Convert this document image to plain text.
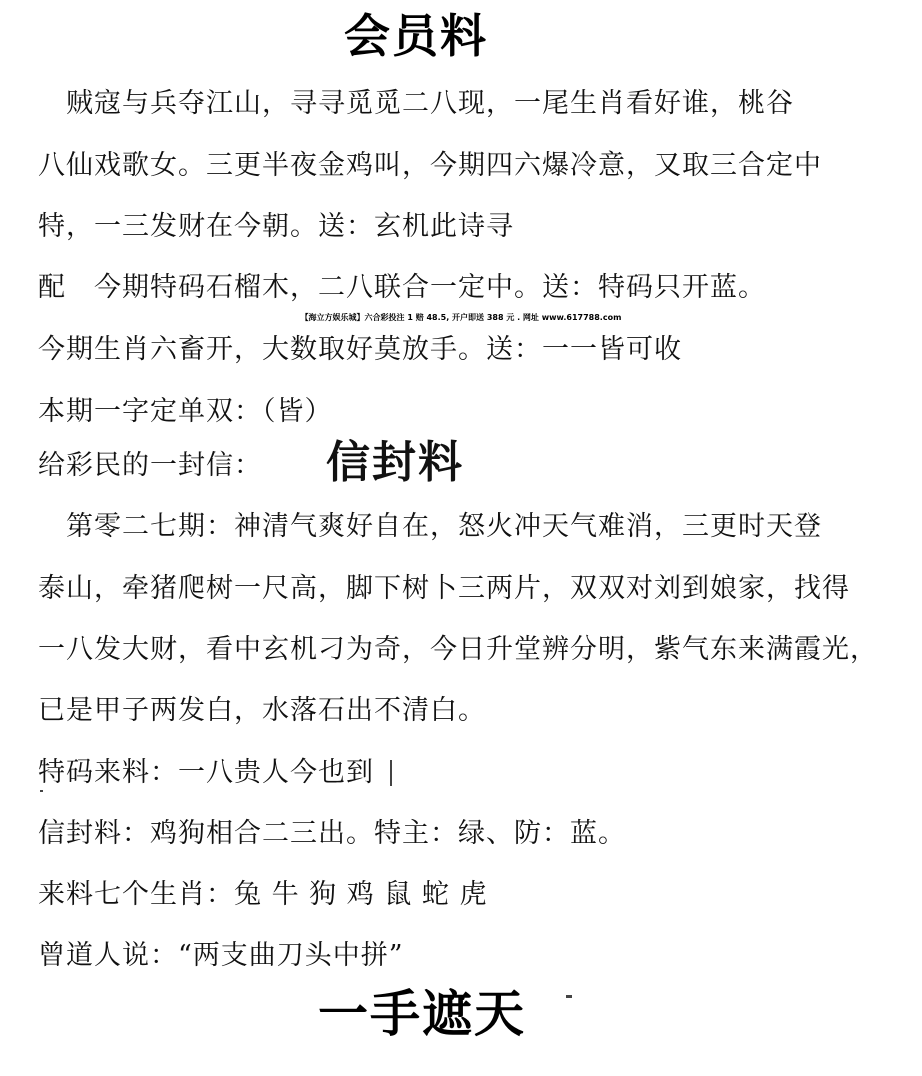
会员料
　贼寇与兵夺江山，寻寻觅觅二八现，一尾生肖看好谁，桃谷
八仙戏歌女。三更半夜金鸡叫，今期四六爆冷意，又取三合定中
特，一三发财在今朝。送：玄机此诗寻
配　今期特码石榴木，二八联合一定中。送：特码只开蓝。
【海立方娱乐城】六合彩投注 1 赔 48.5, 开户即送 388 元 . 网址 www.617788.com
今期生肖六畜开，大数取好莫放手。送：一一皆可收
本期一字定单双：（皆）
给彩民的一封信： 信封料
　第零二七期：神清气爽好自在，怒火冲天气难消，三更时天登
泰山，牵猪爬树一尺高，脚下树卜三两片，双双对刘到娘家，找得
一八发大财，看中玄机刁为奇，今日升堂辨分明，紫气东来满霞光，
已是甲子两发白，水落石出不清白。
特码来料：一八贵人今也到
信封料：鸡狗相合二三出。特主：绿、防：蓝。
来料七个生肖：兔 牛 狗 鸡 鼠 蛇 虎
曾道人说：“两支曲刀头中拼”
一手遮天
